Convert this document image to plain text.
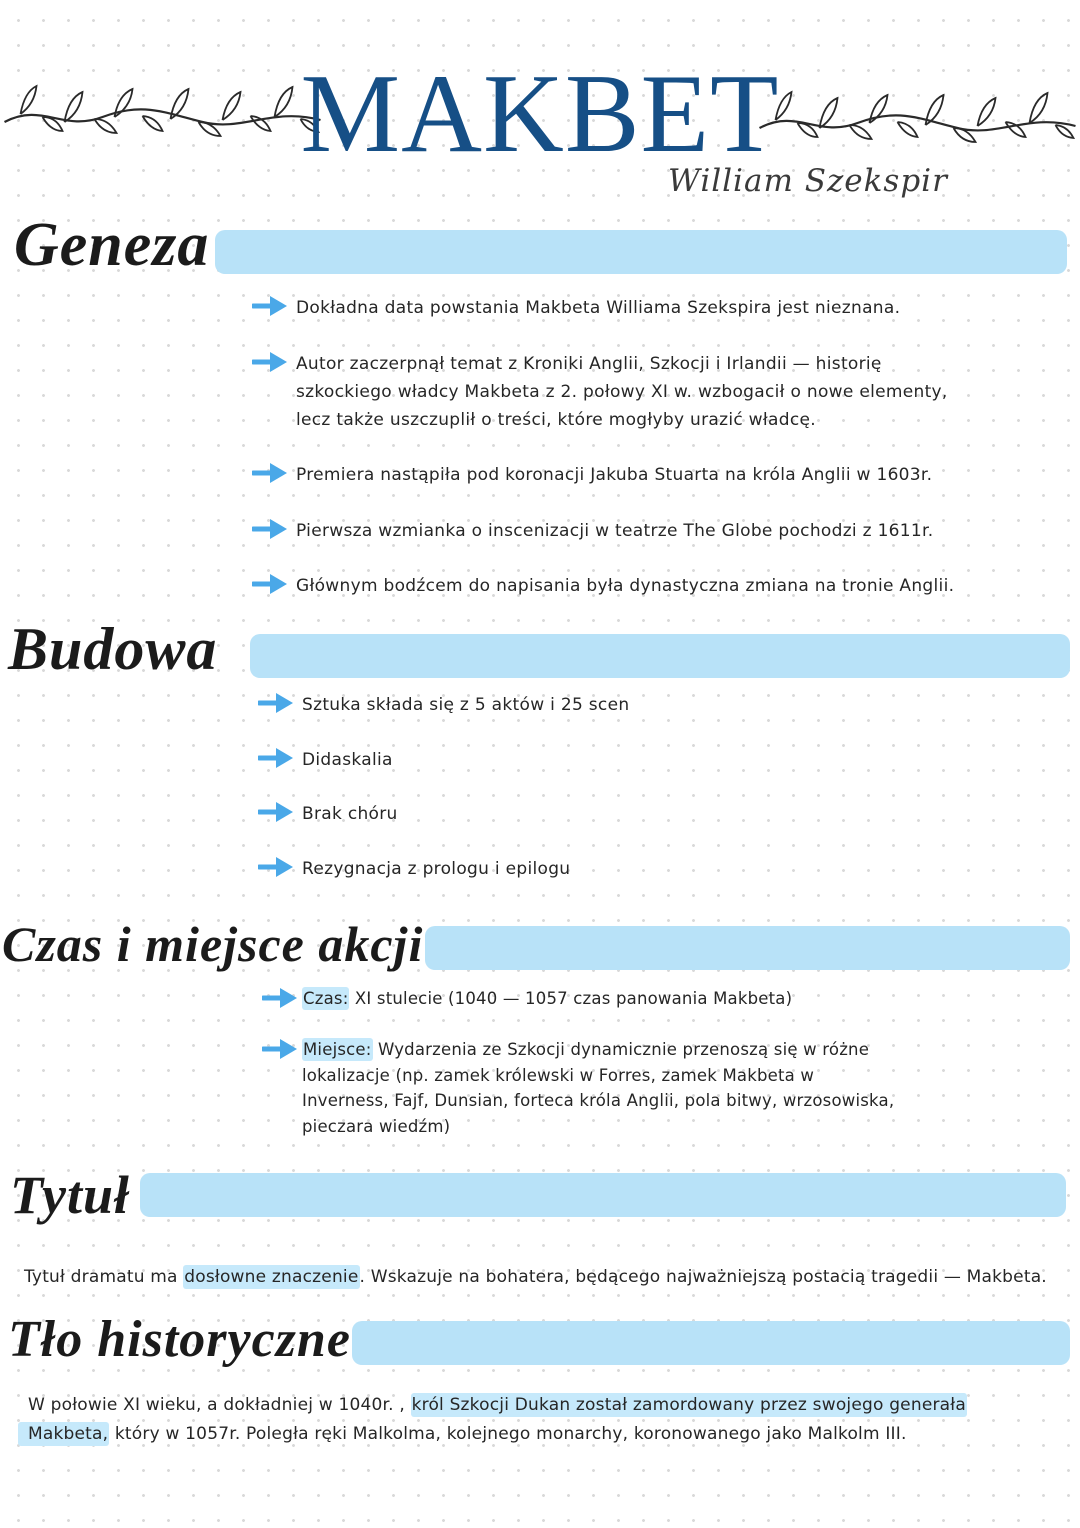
MAKBET
William Szekspir
Geneza
Dokładna data powstania Makbeta Williama Szekspira jest nieznana.
Autor zaczerpnął temat z Kroniki Anglii, Szkocji i Irlandii — historię
szkockiego władcy Makbeta z 2. połowy XI w. wzbogacił o nowe elementy,
lecz także uszczuplił o treści, które mogłyby urazić władcę.
Premiera nastąpiła pod koronacji Jakuba Stuarta na króla Anglii w 1603r.
Pierwsza wzmianka o inscenizacji w teatrze The Globe pochodzi z 1611r.
Głównym bodźcem do napisania była dynastyczna zmiana na tronie Anglii.
Budowa
Sztuka składa się z 5 aktów i 25 scen
Didaskalia
Brak chóru
Rezygnacja z prologu i epilogu
Czas i miejsce akcji
Czas: XI stulecie (1040 — 1057 czas panowania Makbeta)
Miejsce: Wydarzenia ze Szkocji dynamicznie przenoszą się w różne
lokalizacje (np. zamek królewski w Forres, zamek Makbeta w
Inverness, Fajf, Dunsian, forteca króla Anglii, pola bitwy, wrzosowiska,
pieczara wiedźm)
Tytuł
Tytuł dramatu ma dosłowne znaczenie. Wskazuje na bohatera, będącego najważniejszą postacią tragedii — Makbeta.
Tło historyczne
W połowie XI wieku, a dokładniej w 1040r. , król Szkocji Dukan został zamordowany przez swojego generała
Makbeta, który w 1057r. Poległa ręki Malkolma, kolejnego monarchy, koronowanego jako Malkolm III.
